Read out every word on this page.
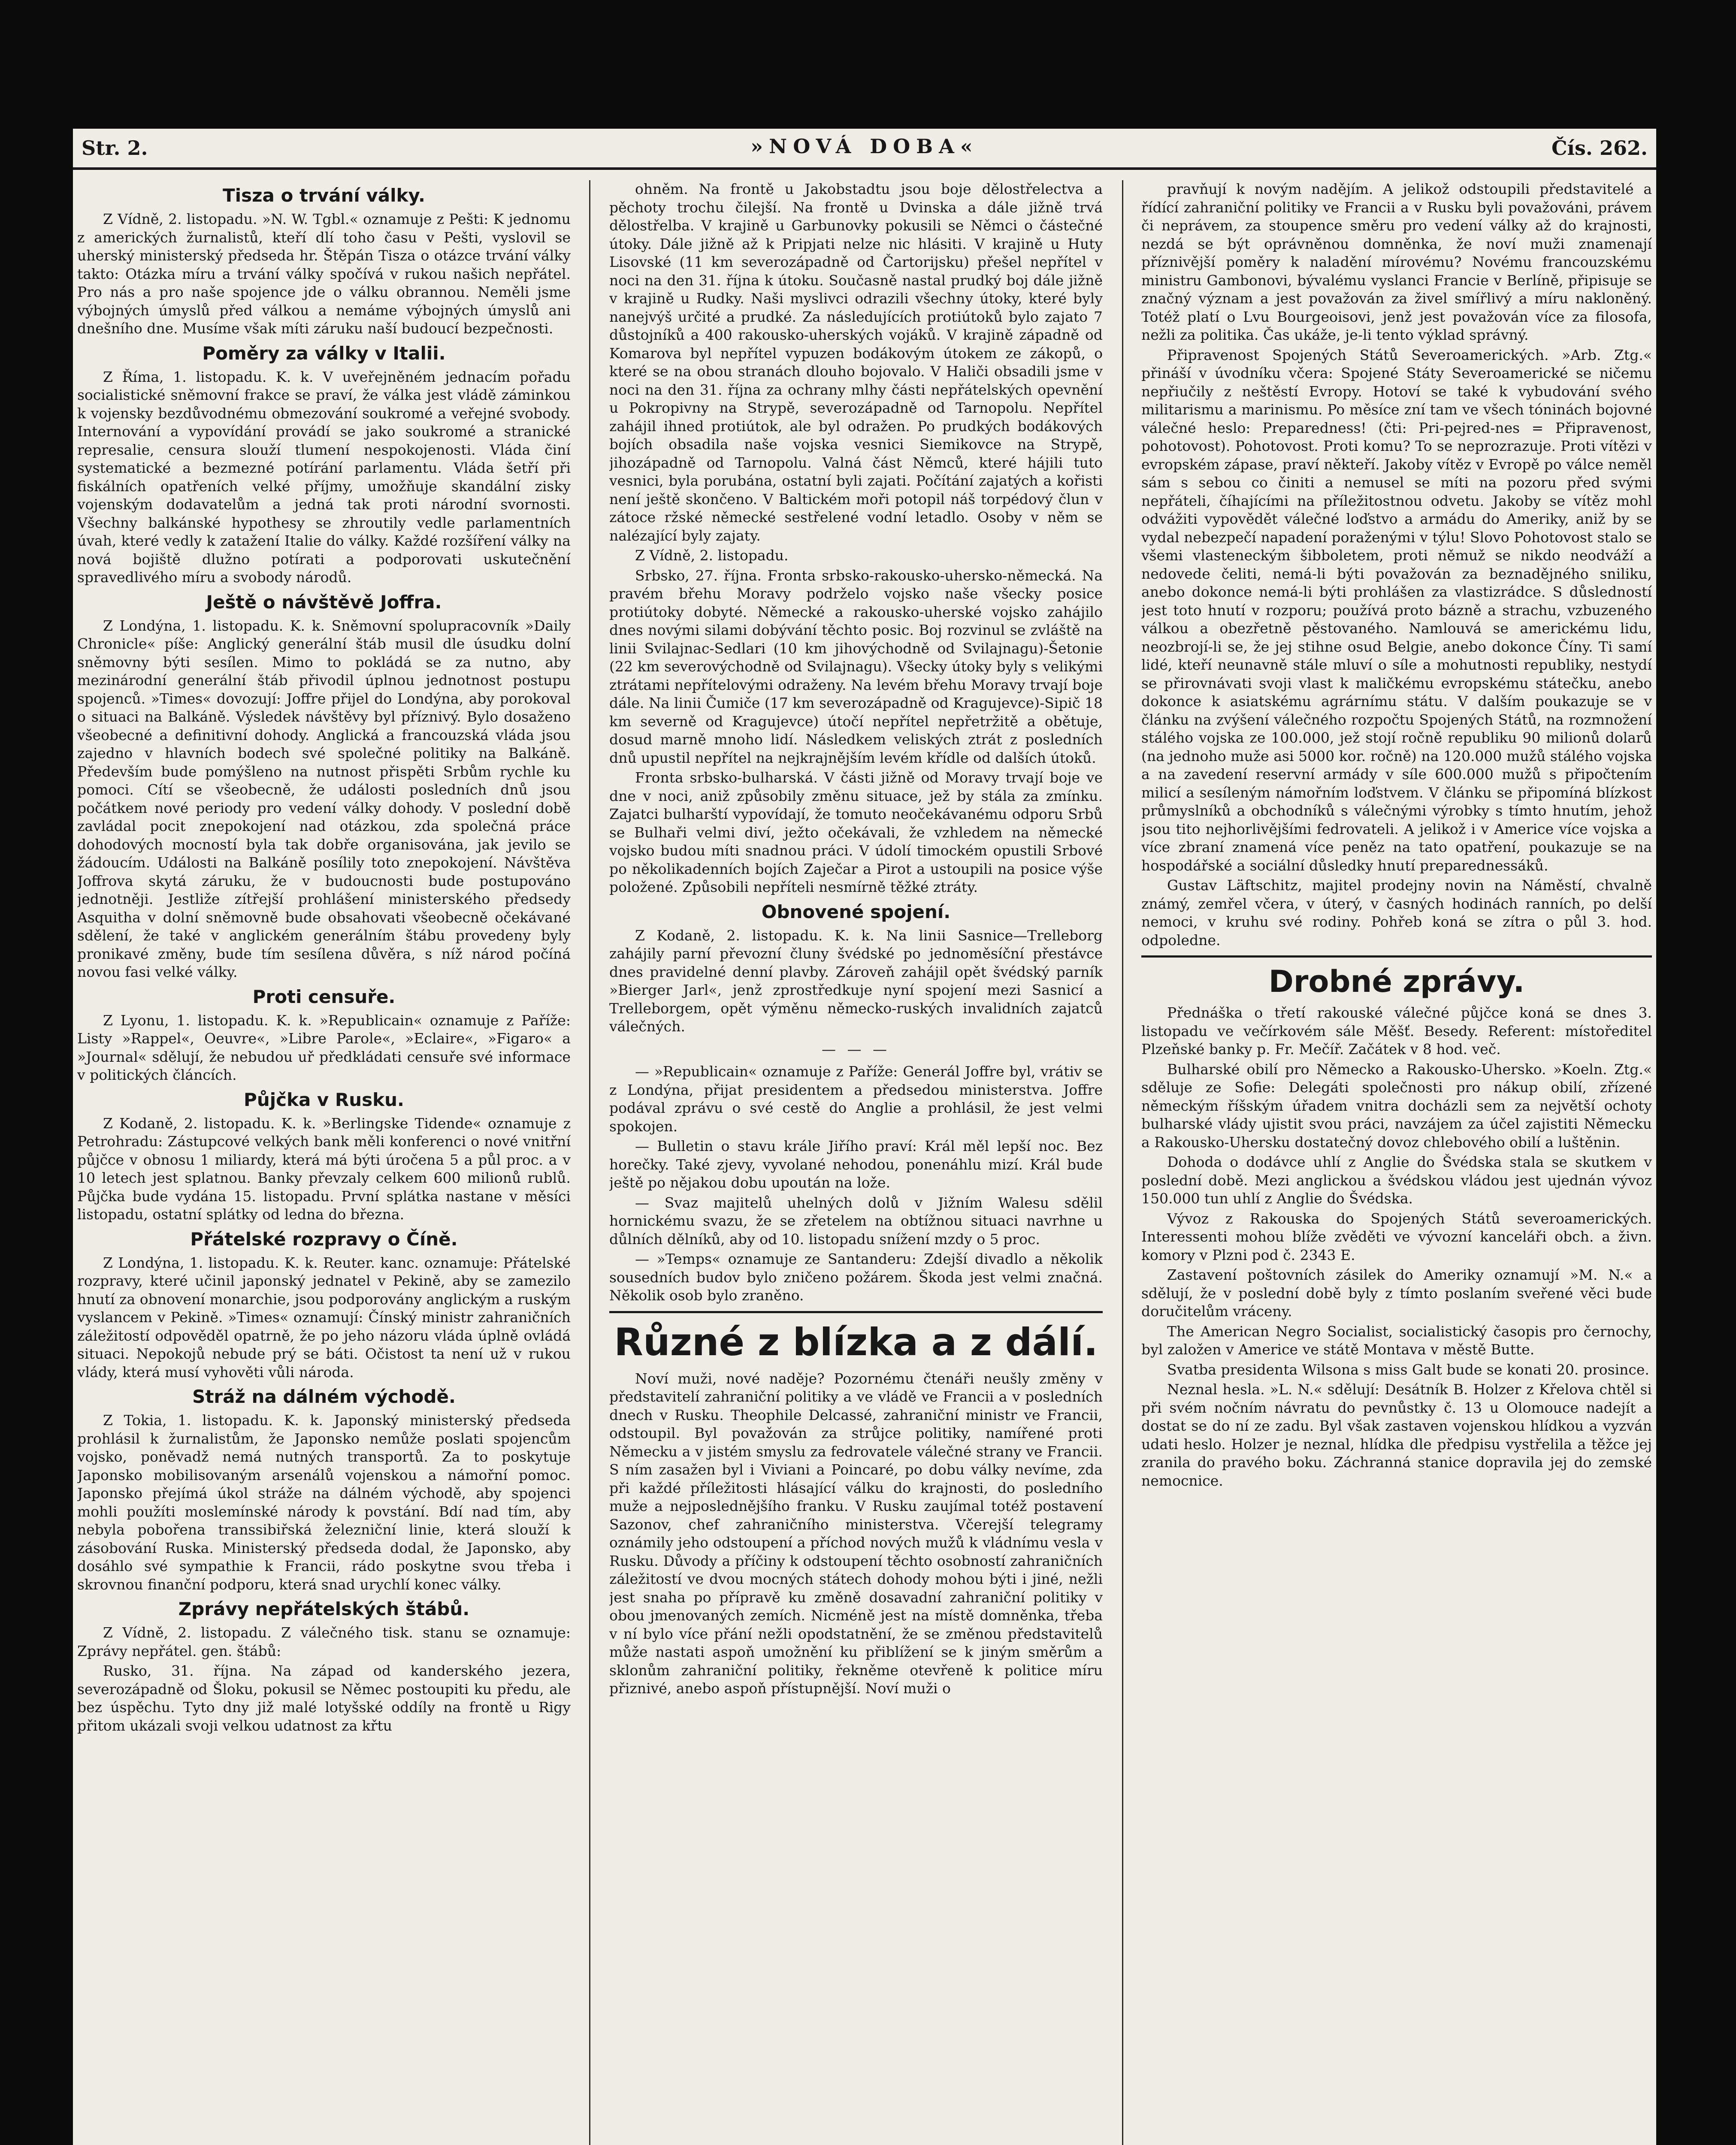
Str. 2.	»NOVÁ DOBA«	Čís. 262.
Tisza o trvání války.

Z Vídně, 2. listopadu. »N. W. Tgbl.« oznamuje z Pešti: K jednomu z amerických žurnalistů, kteří dlí toho času v Pešti, vyslovil se uherský ministerský předseda hr. Štěpán Tisza o otázce trvání války takto: Otázka míru a trvání války spočívá v rukou našich nepřátel. Pro nás a pro naše spojence jde o válku obrannou. Neměli jsme výbojných úmyslů před válkou a nemáme výbojných úmyslů ani dnešního dne. Musíme však míti záruku naší budoucí bezpečnosti.

Poměry za války v Italii.

Z Říma, 1. listopadu. K. k. V uveřejněném jednacím pořadu socialistické sněmovní frakce se praví, že válka jest vládě záminkou k vojensky bezdůvodnému obmezování soukromé a veřejné svobody. Internování a vypovídání provádí se jako soukromé a stranické represalie, censura slouží tlumení nespokojenosti. Vláda činí systematické a bezmezné potírání parlamentu. Vláda šetří při fiskálních opatřeních velké příjmy, umožňuje skandální zisky vojenským dodavatelům a jedná tak proti národní svornosti. Všechny balkánské hypothesy se zhroutily vedle parlamentních úvah, které vedly k zatažení Italie do války. Každé rozšíření války na nová bojiště dlužno potírati a podporovati uskutečnění spravedlivého míru a svobody národů.

Ještě o návštěvě Joffra.

Z Londýna, 1. listopadu. K. k. Sněmovní spolupracovník »Daily Chronicle« píše: Anglický generální štáb musil dle úsudku dolní sněmovny býti sesílen. Mimo to pokládá se za nutno, aby mezinárodní generální štáb přivodil úplnou jednotnost postupu spojenců. »Times« dovozují: Joffre přijel do Londýna, aby porokoval o situaci na Balkáně. Výsledek návštěvy byl příznivý. Bylo dosaženo všeobecné a definitivní dohody. Anglická a francouzská vláda jsou zajedno v hlavních bodech své společné politiky na Balkáně. Především bude pomýšleno na nutnost přispěti Srbům rychle ku pomoci. Cítí se všeobecně, že události posledních dnů jsou počátkem nové periody pro vedení války dohody. V poslední době zavládal pocit znepokojení nad otázkou, zda společná práce dohodových mocností byla tak dobře organisována, jak jevilo se žádoucím. Události na Balkáně posílily toto znepokojení. Návštěva Joffrova skytá záruku, že v budoucnosti bude postupováno jednotněji. Jestliže zítřejší prohlášení ministerského předsedy Asquitha v dolní sněmovně bude obsahovati všeobecně očekávané sdělení, že také v anglickém generálním štábu provedeny byly pronikavé změny, bude tím sesílena důvěra, s níž národ počíná novou fasi velké války.

Proti censuře.

Z Lyonu, 1. listopadu. K. k. »Republicain« oznamuje z Paříže: Listy »Rappel«, Oeuvre«, »Libre Parole«, »Eclaire«, »Figaro« a »Journal« sdělují, že nebudou uř předkládati censuře své informace v politických článcích.

Půjčka v Rusku.

Z Kodaně, 2. listopadu. K. k. »Berlingske Tidende« oznamuje z Petrohradu: Zástupcové velkých bank měli konferenci o nové vnitřní půjčce v obnosu 1 miliardy, která má býti úročena 5 a půl proc. a v 10 letech jest splatnou. Banky převzaly celkem 600 milionů rublů. Půjčka bude vydána 15. listopadu. První splátka nastane v měsíci listopadu, ostatní splátky od ledna do března.

Přátelské rozpravy o Číně.

Z Londýna, 1. listopadu. K. k. Reuter. kanc. oznamuje: Přátelské rozpravy, které učinil japonský jednatel v Pekině, aby se zamezilo hnutí za obnovení monarchie, jsou podporovány anglickým a ruským vyslancem v Pekině. »Times« oznamují: Čínský ministr zahraničních záležitostí odpověděl opatrně, že po jeho názoru vláda úplně ovládá situaci. Nepokojů nebude prý se báti. Očistost ta není už v rukou vlády, která musí vyhověti vůli národa.

Stráž na dálném východě.

Z Tokia, 1. listopadu. K. k. Japonský ministerský předseda prohlásil k žurnalistům, že Japonsko nemůže poslati spojencům vojsko, poněvadž nemá nutných transportů. Za to poskytuje Japonsko mobilisovaným arsenálů vojenskou a námořní pomoc. Japonsko přejímá úkol stráže na dálném východě, aby spojenci mohli použíti moslemínské národy k povstání. Bdí nad tím, aby nebyla pobořena transsibiřská železniční linie, která slouží k zásobování Ruska. Ministerský předseda dodal, že Japonsko, aby dosáhlo své sympathie k Francii, rádo poskytne svou třeba i skrovnou finanční podporu, která snad urychlí konec války.

Zprávy nepřátelských štábů.

Z Vídně, 2. listopadu. Z válečného tisk. stanu se oznamuje: Zprávy nepřátel. gen. štábů:

Rusko, 31. října. Na západ od kanderského jezera, severozápadně od Šloku, pokusil se Němec postoupiti ku předu, ale bez úspěchu. Tyto dny již malé lotyšské oddíly na frontě u Rigy přitom ukázali svoji velkou udatnost za křtu

ohněm. Na frontě u Jakobstadtu jsou boje dělostřelectva a pěchoty trochu čilejší. Na frontě u Dvinska a dále jižně trvá dělostřelba. V krajině u Garbunovky pokusili se Němci o částečné útoky. Dále jižně až k Pripjati nelze nic hlásiti. V krajině u Huty Lisovské (11 km severozápadně od Čartorijsku) přešel nepřítel v noci na den 31. října k útoku. Současně nastal prudký boj dále jižně v krajině u Rudky. Naši myslivci odrazili všechny útoky, které byly nanejvýš určité a prudké. Za následujících protiútoků bylo zajato 7 důstojníků a 400 rakousko-uherských vojáků. V krajině západně od Komarova byl nepřítel vypuzen bodákovým útokem ze zákopů, o které se na obou stranách dlouho bojovalo. V Haliči obsadili jsme v noci na den 31. října za ochrany mlhy části nepřátelských opevnění u Pokropivny na Strypě, severozápadně od Tarnopolu. Nepřítel zahájil ihned protiútok, ale byl odražen. Po prudkých bodákových bojích obsadila naše vojska vesnici Siemikovce na Strypě, jihozápadně od Tarnopolu. Valná část Němců, které hájili tuto vesnici, byla porubána, ostatní byli zajati. Počítání zajatých a kořisti není ještě skončeno. V Baltickém moři potopil náš torpédový člun v zátoce ržské německé sestřelené vodní letadlo. Osoby v něm se nalézající byly zajaty.

Z Vídně, 2. listopadu.

Srbsko, 27. října. Fronta srbsko-rakousko-uhersko-německá. Na pravém břehu Moravy podrželo vojsko naše všecky posice protiútoky dobyté. Německé a rakousko-uherské vojsko zahájilo dnes novými silami dobývání těchto posic. Boj rozvinul se zvláště na linii Svilajnac-Sedlari (10 km jihovýchodně od Svilajnagu)-Šetonie (22 km severovýchodně od Svilajnagu). Všecky útoky byly s velikými ztrátami nepřítelovými odraženy. Na levém břehu Moravy trvají boje dále. Na linii Čumiče (17 km severozápadně od Kragujevce)-Sipič 18 km severně od Kragujevce) útočí nepřítel nepřetržitě a obětuje, dosud marně mnoho lidí. Následkem veliských ztrát z posledních dnů upustil nepřítel na nejkrajnějším levém křídle od dalších útoků.

Fronta srbsko-bulharská. V části jižně od Moravy trvají boje ve dne v noci, aniž způsobily změnu situace, jež by stála za zmínku. Zajatci bulharští vypovídají, že tomuto neočekávanému odporu Srbů se Bulhaři velmi diví, ježto očekávali, že vzhledem na německé vojsko budou míti snadnou práci. V údolí timockém opustili Srbové po několikadenních bojích Zaječar a Pirot a ustoupili na posice výše položené. Způsobili nepříteli nesmírně těžké ztráty.

Obnovené spojení.

Z Kodaně, 2. listopadu. K. k. Na linii Sasnice—Trelleborg zahájily parní převozní čluny švédské po jednoměsíční přestávce dnes pravidelné denní plavby. Zároveň zahájil opět švédský parník »Bierger Jarl«, jenž zprostředkuje nyní spojení mezi Sasnicí a Trelleborgem, opět výměnu německo-ruských invalidních zajatců válečných.

— — —

— »Republicain« oznamuje z Paříže: Generál Joffre byl, vrátiv se z Londýna, přijat presidentem a předsedou ministerstva. Joffre podával zprávu o své cestě do Anglie a prohlásil, že jest velmi spokojen.

— Bulletin o stavu krále Jiřího praví: Král měl lepší noc. Bez horečky. Také zjevy, vyvolané nehodou, ponenáhlu mizí. Král bude ještě po nějakou dobu upoután na lože.

— Svaz majitelů uhelných dolů v Jižním Walesu sdělil hornickému svazu, že se zřetelem na obtížnou situaci navrhne u důlních dělníků, aby od 10. listopadu snížení mzdy o 5 proc.

— »Temps« oznamuje ze Santanderu: Zdejší divadlo a několik sousedních budov bylo zničeno požárem. Škoda jest velmi značná. Několik osob bylo zraněno.

Různé z blízka a z dálí.

Noví muži, nové naděje? Pozornému čtenáři neušly změny v představitelí zahraniční politiky a ve vládě ve Francii a v posledních dnech v Rusku. Theophile Delcassé, zahraniční ministr ve Francii, odstoupil. Byl považován za strůjce politiky, namířené proti Německu a v jistém smyslu za fedrovatele válečné strany ve Francii. S ním zasažen byl i Viviani a Poincaré, po dobu války nevíme, zda při každé příležitosti hlásající válku do krajnosti, do posledního muže a nejposlednějšího franku. V Rusku zaujímal totéž postavení Sazonov, chef zahraničního ministerstva. Včerejší telegramy oznámily jeho odstoupení a příchod nových mužů k vládnímu vesla v Rusku. Důvody a příčiny k odstoupení těchto osobností zahraničních záležitostí ve dvou mocných státech dohody mohou býti i jiné, nežli jest snaha po přípravě ku změně dosavadní zahraniční politiky v obou jmenovaných zemích. Nicméně jest na místě domněnka, třeba v ní bylo více přání nežli opodstatnění, že se změnou představitelů může nastati aspoň umožnění ku přiblížení se k jiným směrům a sklonům zahraniční politiky, řekněme otevřeně k politice míru přiznivé, anebo aspoň přístupnější. Noví muži o

pravňují k novým nadějím. A jelikož odstoupili představitelé a řídící zahraniční politiky ve Francii a v Rusku byli považováni, právem či neprávem, za stoupence směru pro vedení války až do krajnosti, nezdá se být oprávněnou domněnka, že noví muži znamenají příznivější poměry k naladění mírovému? Novému francouzskému ministru Gambonovi, bývalému vyslanci Francie v Berlíně, připisuje se značný význam a jest považován za živel smířlivý a míru nakloněný. Totéž platí o Lvu Bourgeoisovi, jenž jest považován více za filosofa, nežli za politika. Čas ukáže, je-li tento výklad správný.

Připravenost Spojených Států Severoamerických. »Arb. Ztg.« přináší v úvodníku včera: Spojené Státy Severoamerické se ničemu nepřiučily z neštěstí Evropy. Hotoví se také k vybudování svého militarismu a marinismu. Po měsíce zní tam ve všech tóninách bojovné válečné heslo: Preparedness! (čti: Pri-pejred-nes = Připravenost, pohotovost). Pohotovost. Proti komu? To se neprozrazuje. Proti vítězi v evropském zápase, praví někteří. Jakoby vítěz v Evropě po válce neměl sám s sebou co činiti a nemusel se míti na pozoru před svými nepřáteli, číhajícími na příležitostnou odvetu. Jakoby se vítěz mohl odvážiti vypovědět válečné loďstvo a armádu do Ameriky, aniž by se vydal nebezpečí napadení poraženými v týlu! Slovo Pohotovost stalo se všemi vlasteneckým šibboletem, proti němuž se nikdo neodváží a nedovede čeliti, nemá-li býti považován za beznadějného sniliku, anebo dokonce nemá-li býti prohlášen za vlastizrádce. S důsledností jest toto hnutí v rozporu; používá proto bázně a strachu, vzbuzeného válkou a obezřetně pěstovaného. Namlouvá se americkému lidu, neozbrojí-li se, že jej stihne osud Belgie, anebo dokonce Číny. Ti samí lidé, kteří neunavně stále mluví o síle a mohutnosti republiky, nestydí se přirovnávati svoji vlast k maličkému evropskému státečku, anebo dokonce k asiatskému agrárnímu státu. V dalším poukazuje se v článku na zvýšení válečného rozpočtu Spojených Států, na rozmnožení stálého vojska ze 100.000, jež stojí ročně republiku 90 milionů dolarů (na jednoho muže asi 5000 kor. ročně) na 120.000 mužů stálého vojska a na zavedení reservní armády v síle 600.000 mužů s připočtením milicí a sesíleným námořním loďstvem. V článku se připomíná blízkost průmyslníků a obchodníků s válečnými výrobky s tímto hnutím, jehož jsou tito nejhorlivějšími fedrovateli. A jelikož i v Americe více vojska a více zbraní znamená více peněz na tato opatření, poukazuje se na hospodářské a sociální důsledky hnutí preparednessáků.

Gustav Läftschitz, majitel prodejny novin na Náměstí, chvalně známý, zemřel včera, v úterý, v časných hodinách ranních, po delší nemoci, v kruhu své rodiny. Pohřeb koná se zítra o půl 3. hod. odpoledne.

Drobné zprávy.

Přednáška o třetí rakouské válečné půjčce koná se dnes 3. listopadu ve večírkovém sále Měšť. Besedy. Referent: místoředitel Plzeňské banky p. Fr. Mečíř. Začátek v 8 hod. več.

Bulharské obilí pro Německo a Rakousko-Uhersko. »Koeln. Ztg.« sděluje ze Sofie: Delegáti společnosti pro nákup obilí, zřízené německým říšským úřadem vnitra docházli sem za největší ochoty bulharské vlády ujistit svou práci, navzájem za účel zajistiti Německu a Rakousko-Uhersku dostatečný dovoz chlebového obilí a luštěnin.

Dohoda o dodávce uhlí z Anglie do Švédska stala se skutkem v poslední době. Mezi anglickou a švédskou vládou jest ujednán vývoz 150.000 tun uhlí z Anglie do Švédska.

Vývoz z Rakouska do Spojených Států severoamerických. Interessenti mohou blíže zvěděti ve vývozní kanceláři obch. a živn. komory v Plzni pod č. 2343 E.

Zastavení poštovních zásilek do Ameriky oznamují »M. N.« a sdělují, že v poslední době byly z tímto poslaním sveřené věci bude doručitelům vráceny.

The American Negro Socialist, socialistický časopis pro černochy, byl založen v Americe ve státě Montava v městě Butte.

Svatba presidenta Wilsona s miss Galt bude se konati 20. prosince.

Neznal hesla. »L. N.« sdělují: Desátník B. Holzer z Křelova chtěl si při svém nočním návratu do pevnůstky č. 13 u Olomouce nadejít a dostat se do ní ze zadu. Byl však zastaven vojenskou hlídkou a vyzván udati heslo. Holzer je neznal, hlídka dle předpisu vystřelila a těžce jej zranila do pravého boku. Záchranná stanice dopravila jej do zemské nemocnice.
